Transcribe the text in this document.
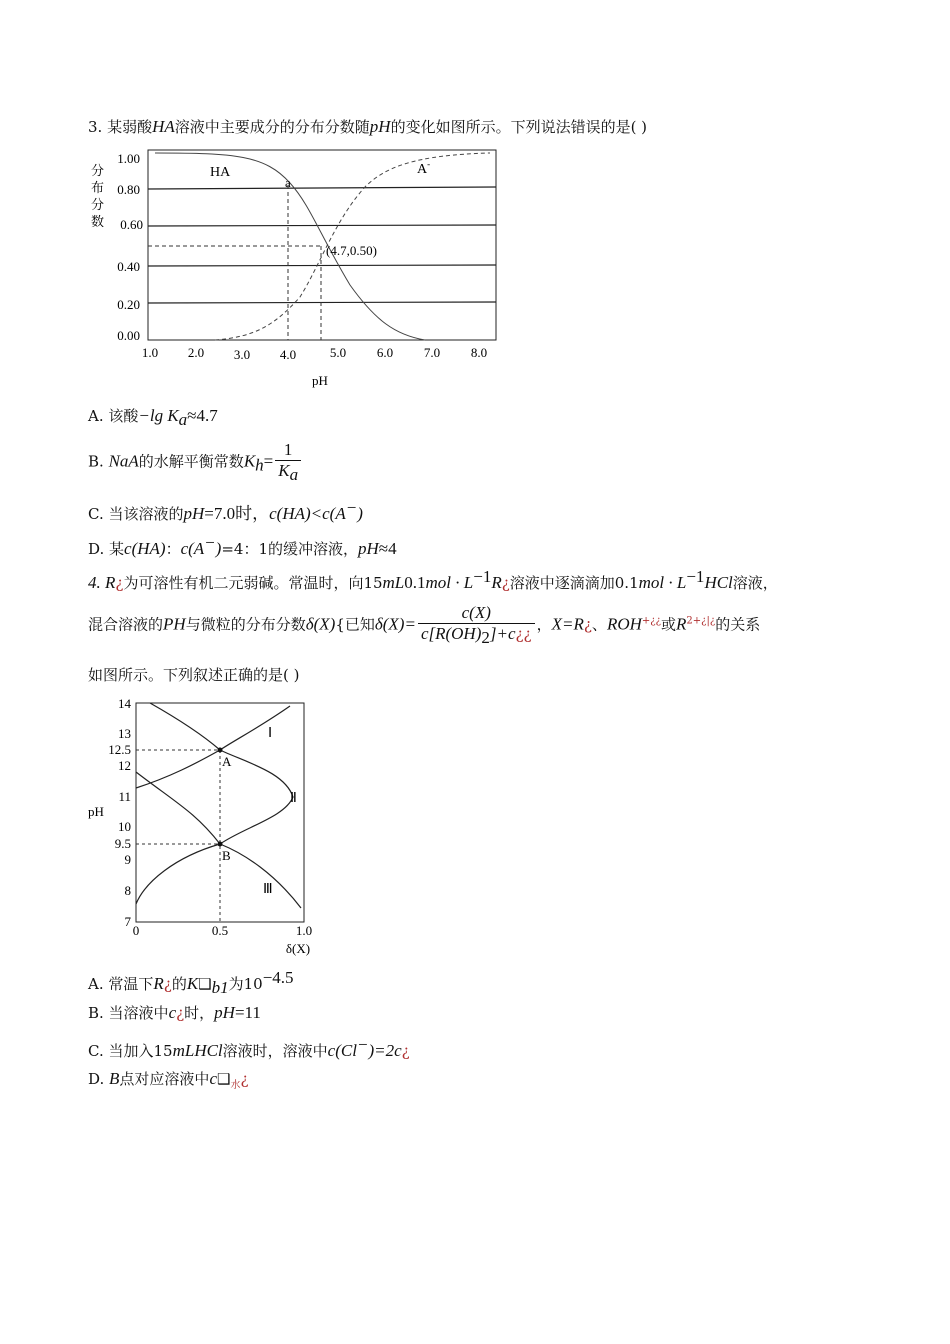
3. 某弱酸HA溶液中主要成分的分布分数随pH的变化如图所示。下列说法错误的是( )
分
布
分
数
1.00
0.80
0.60
0.40
0.20
0.00
1.0 2.0 3.0 4.0	5.0 6.0 7.0 8.0
pH
HA	A-
a
(4.7,0.50)
A. 该酸−lg $K_a\approx 4.7$
B. NaA的水解平衡常数$K_h= \frac{1}{K_a}$
C. 当该溶液的pH=7.0时，c(HA)<c(A−)
D. 某c(HA)：c(A−)=4：1的缓冲溶液，pH≈4
4. R¿为可溶性有机二元弱碱。常温时，向$15mL0.1mol \cdot L^{-1}R¿$溶液中逐滴滴加$0.1mol \cdot L^{-1}HCl$溶液，
混合溶液的PH与微粒的分布分数δ(X){已知$\delta(X)= \frac{c(X)}{c[R(OH)_2]+c¿¿}$ ，X=R¿、ROH+¿¿或$R^{2+¿|¿}$的关系
如图所示。下列叙述正确的是( )
14
13
12.5
12
11
10
9.5
9
8
7
pH
0	0.5	1.0
δ(X)
Ⅰ
Ⅱ
Ⅲ
A
B
A. 常温下R¿的$K❑_{b1}$为$10^{-4.5}$
B. 当溶液中c¿时，pH=11
C. 当加入15mLHCl溶液时，溶液中c(Cl−)=2c¿
D. B点对应溶液中$c❑_水¿$
